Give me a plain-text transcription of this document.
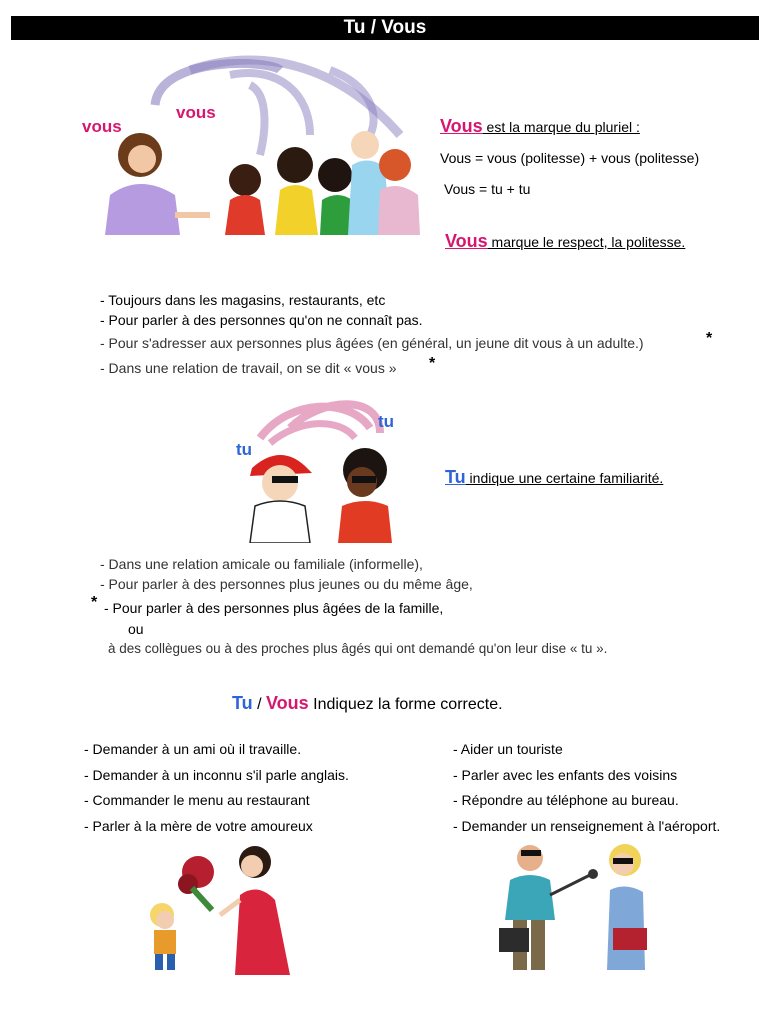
Tu / Vous
vous
vous
Vous est la marque du pluriel :
Vous = vous (politesse) + vous (politesse)
Vous = tu + tu
Vous marque le respect, la politesse.
- Toujours dans les magasins, restaurants, etc
- Pour parler à des personnes qu'on ne connaît pas.
- Pour s'adresser aux personnes plus âgées (en général, un jeune dit vous à un adulte.)	*
- Dans une relation de travail, on se dit « vous » *
tu
tu
Tu indique une certaine familiarité.
- Dans une relation amicale ou familiale (informelle),
- Pour parler à des personnes plus jeunes ou du même âge,
* - Pour parler à des personnes plus âgées de la famille,
ou
à des collègues ou à des proches plus âgés qui ont demandé qu'on leur dise « tu ».
Tu / Vous Indiquez la forme correcte.
- Demander à un ami où il travaille.
- Demander à un inconnu s'il parle anglais.
- Commander le menu au restaurant
- Parler à la mère de votre amoureux
- Aider un touriste
- Parler avec les enfants des voisins
- Répondre au téléphone au bureau.
- Demander un renseignement à l'aéroport.
